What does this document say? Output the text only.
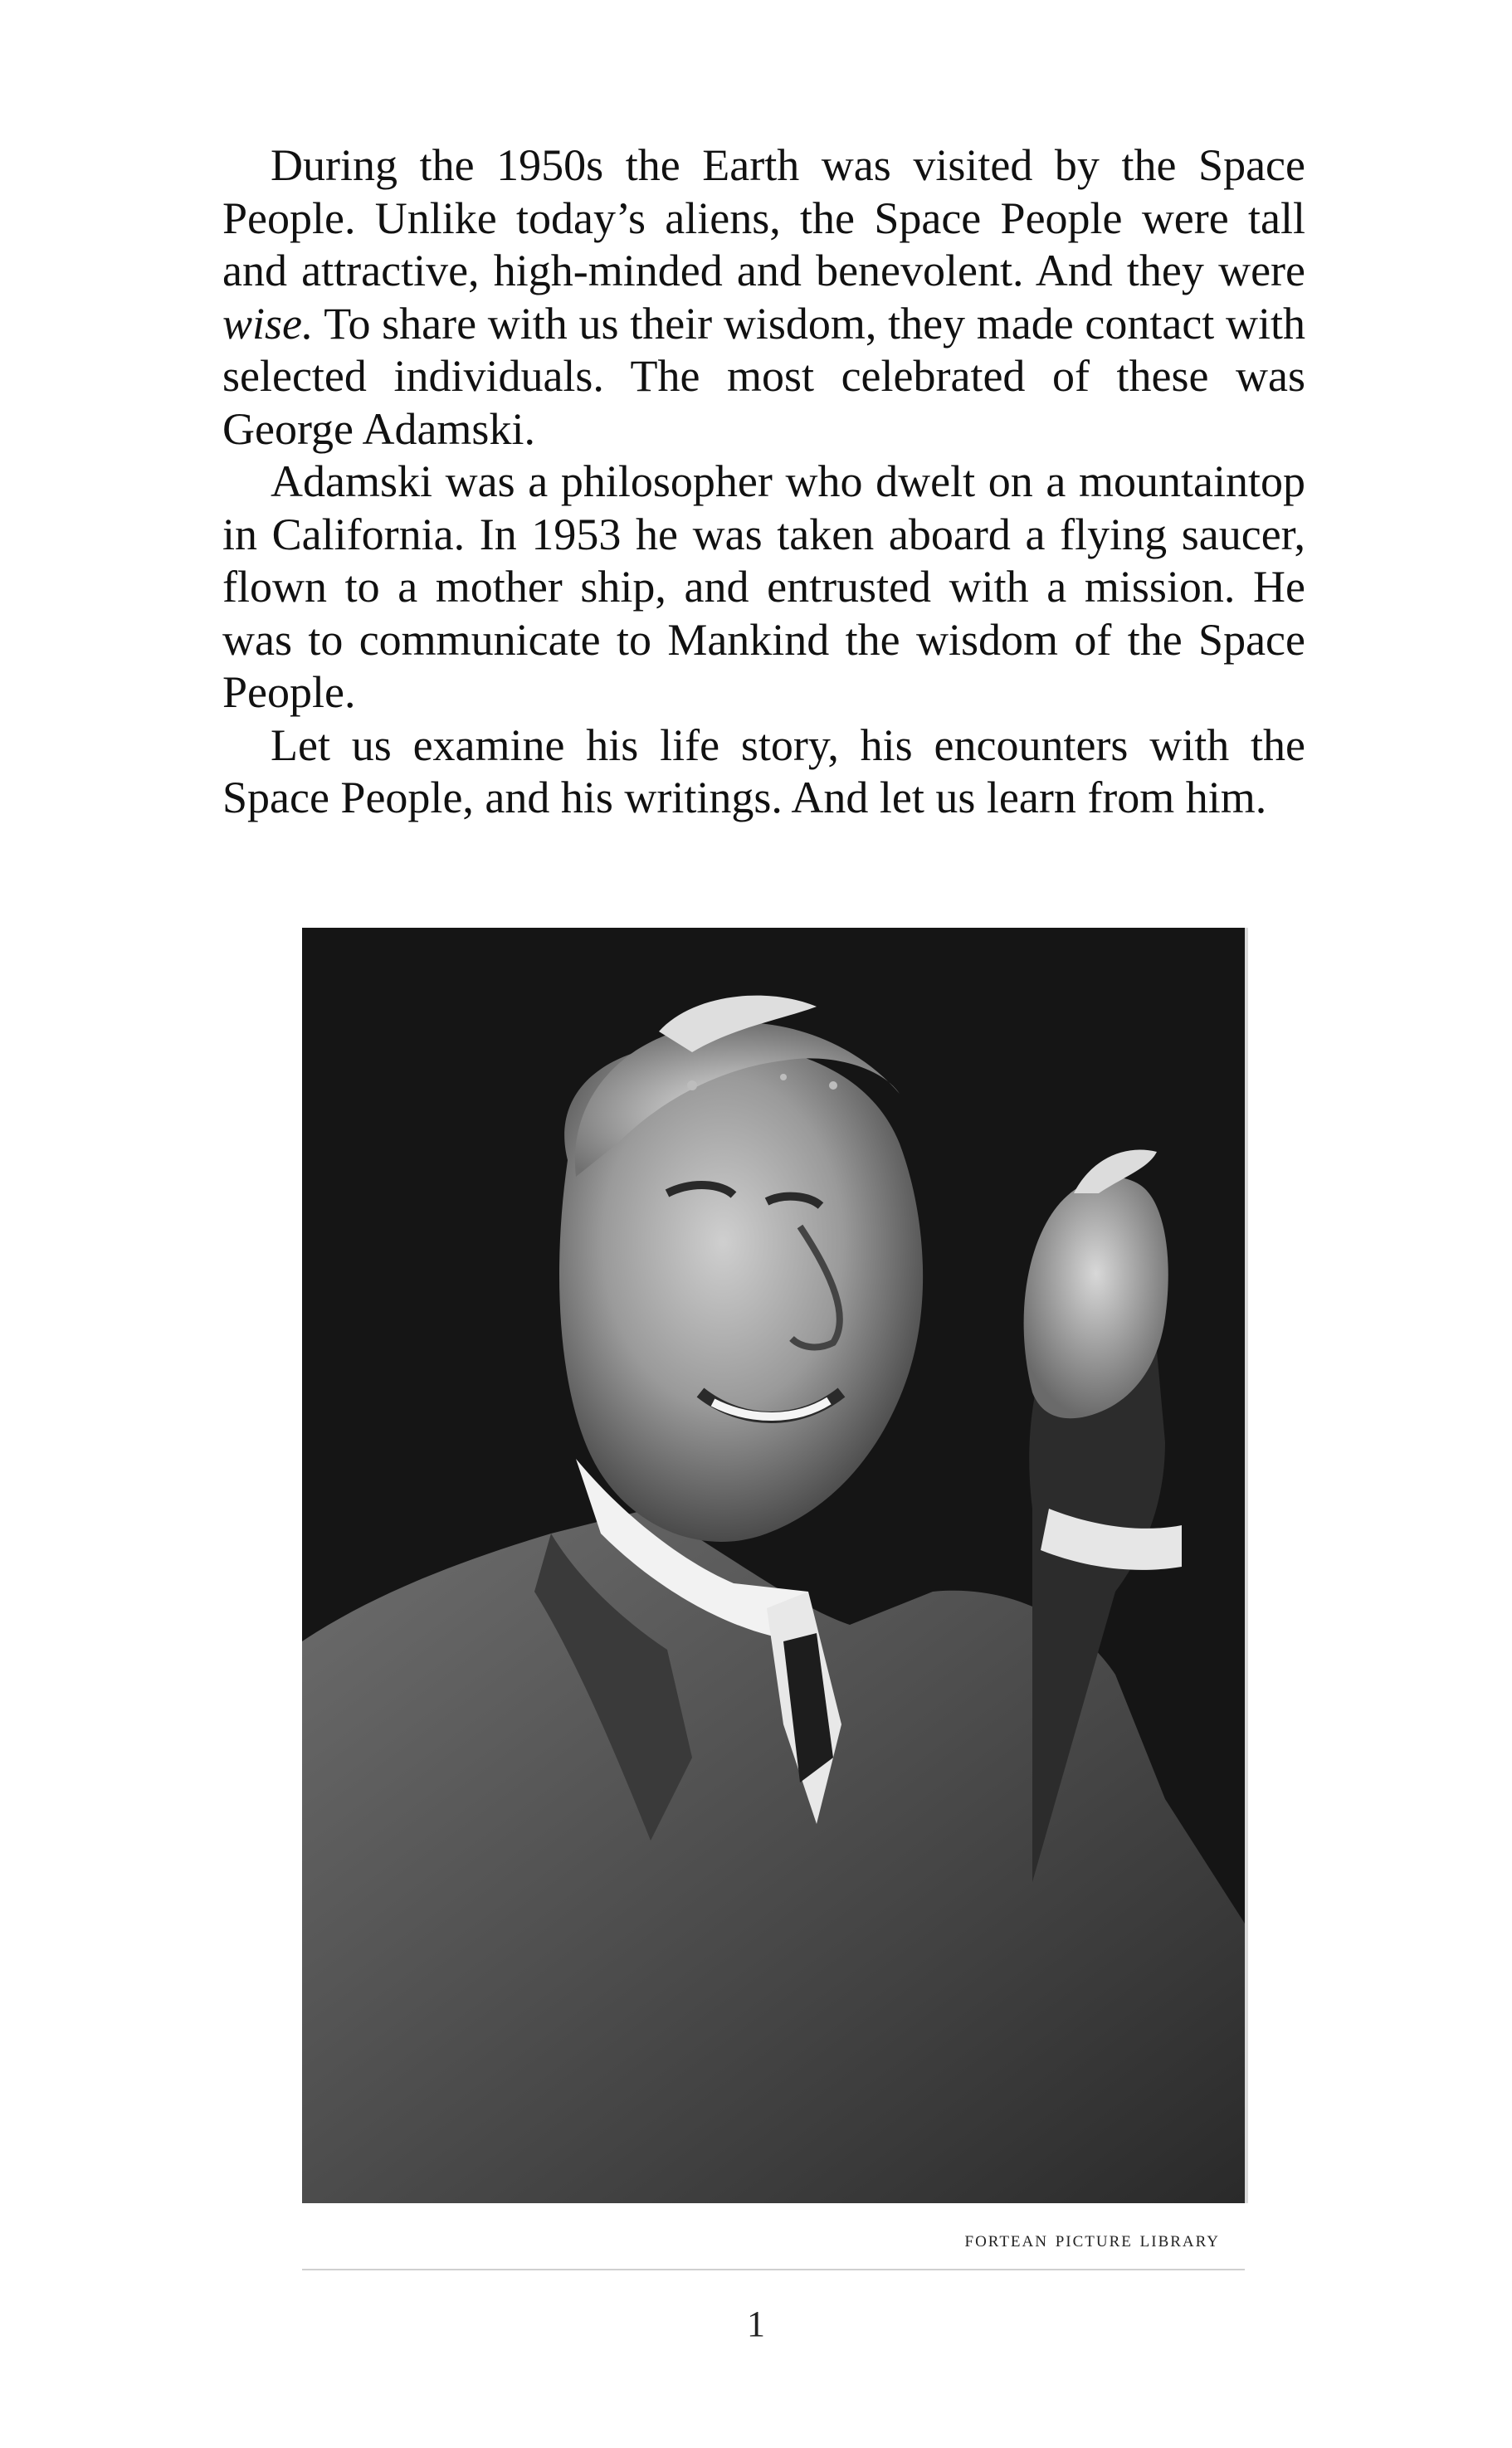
During the 1950s the Earth was visited by the Space People. Unlike today’s aliens, the Space People were tall and attractive, high-minded and benevolent. And they were wise. To share with us their wisdom, they made contact with selected individuals. The most celebrated of these was George Adamski.

Adamski was a philosopher who dwelt on a mountaintop in California. In 1953 he was taken aboard a flying saucer, flown to a mother ship, and entrusted with a mission. He was to communicate to Mankind the wisdom of the Space People.

Let us examine his life story, his encounters with the Space People, and his writings. And let us learn from him.

fortean picture library
1
